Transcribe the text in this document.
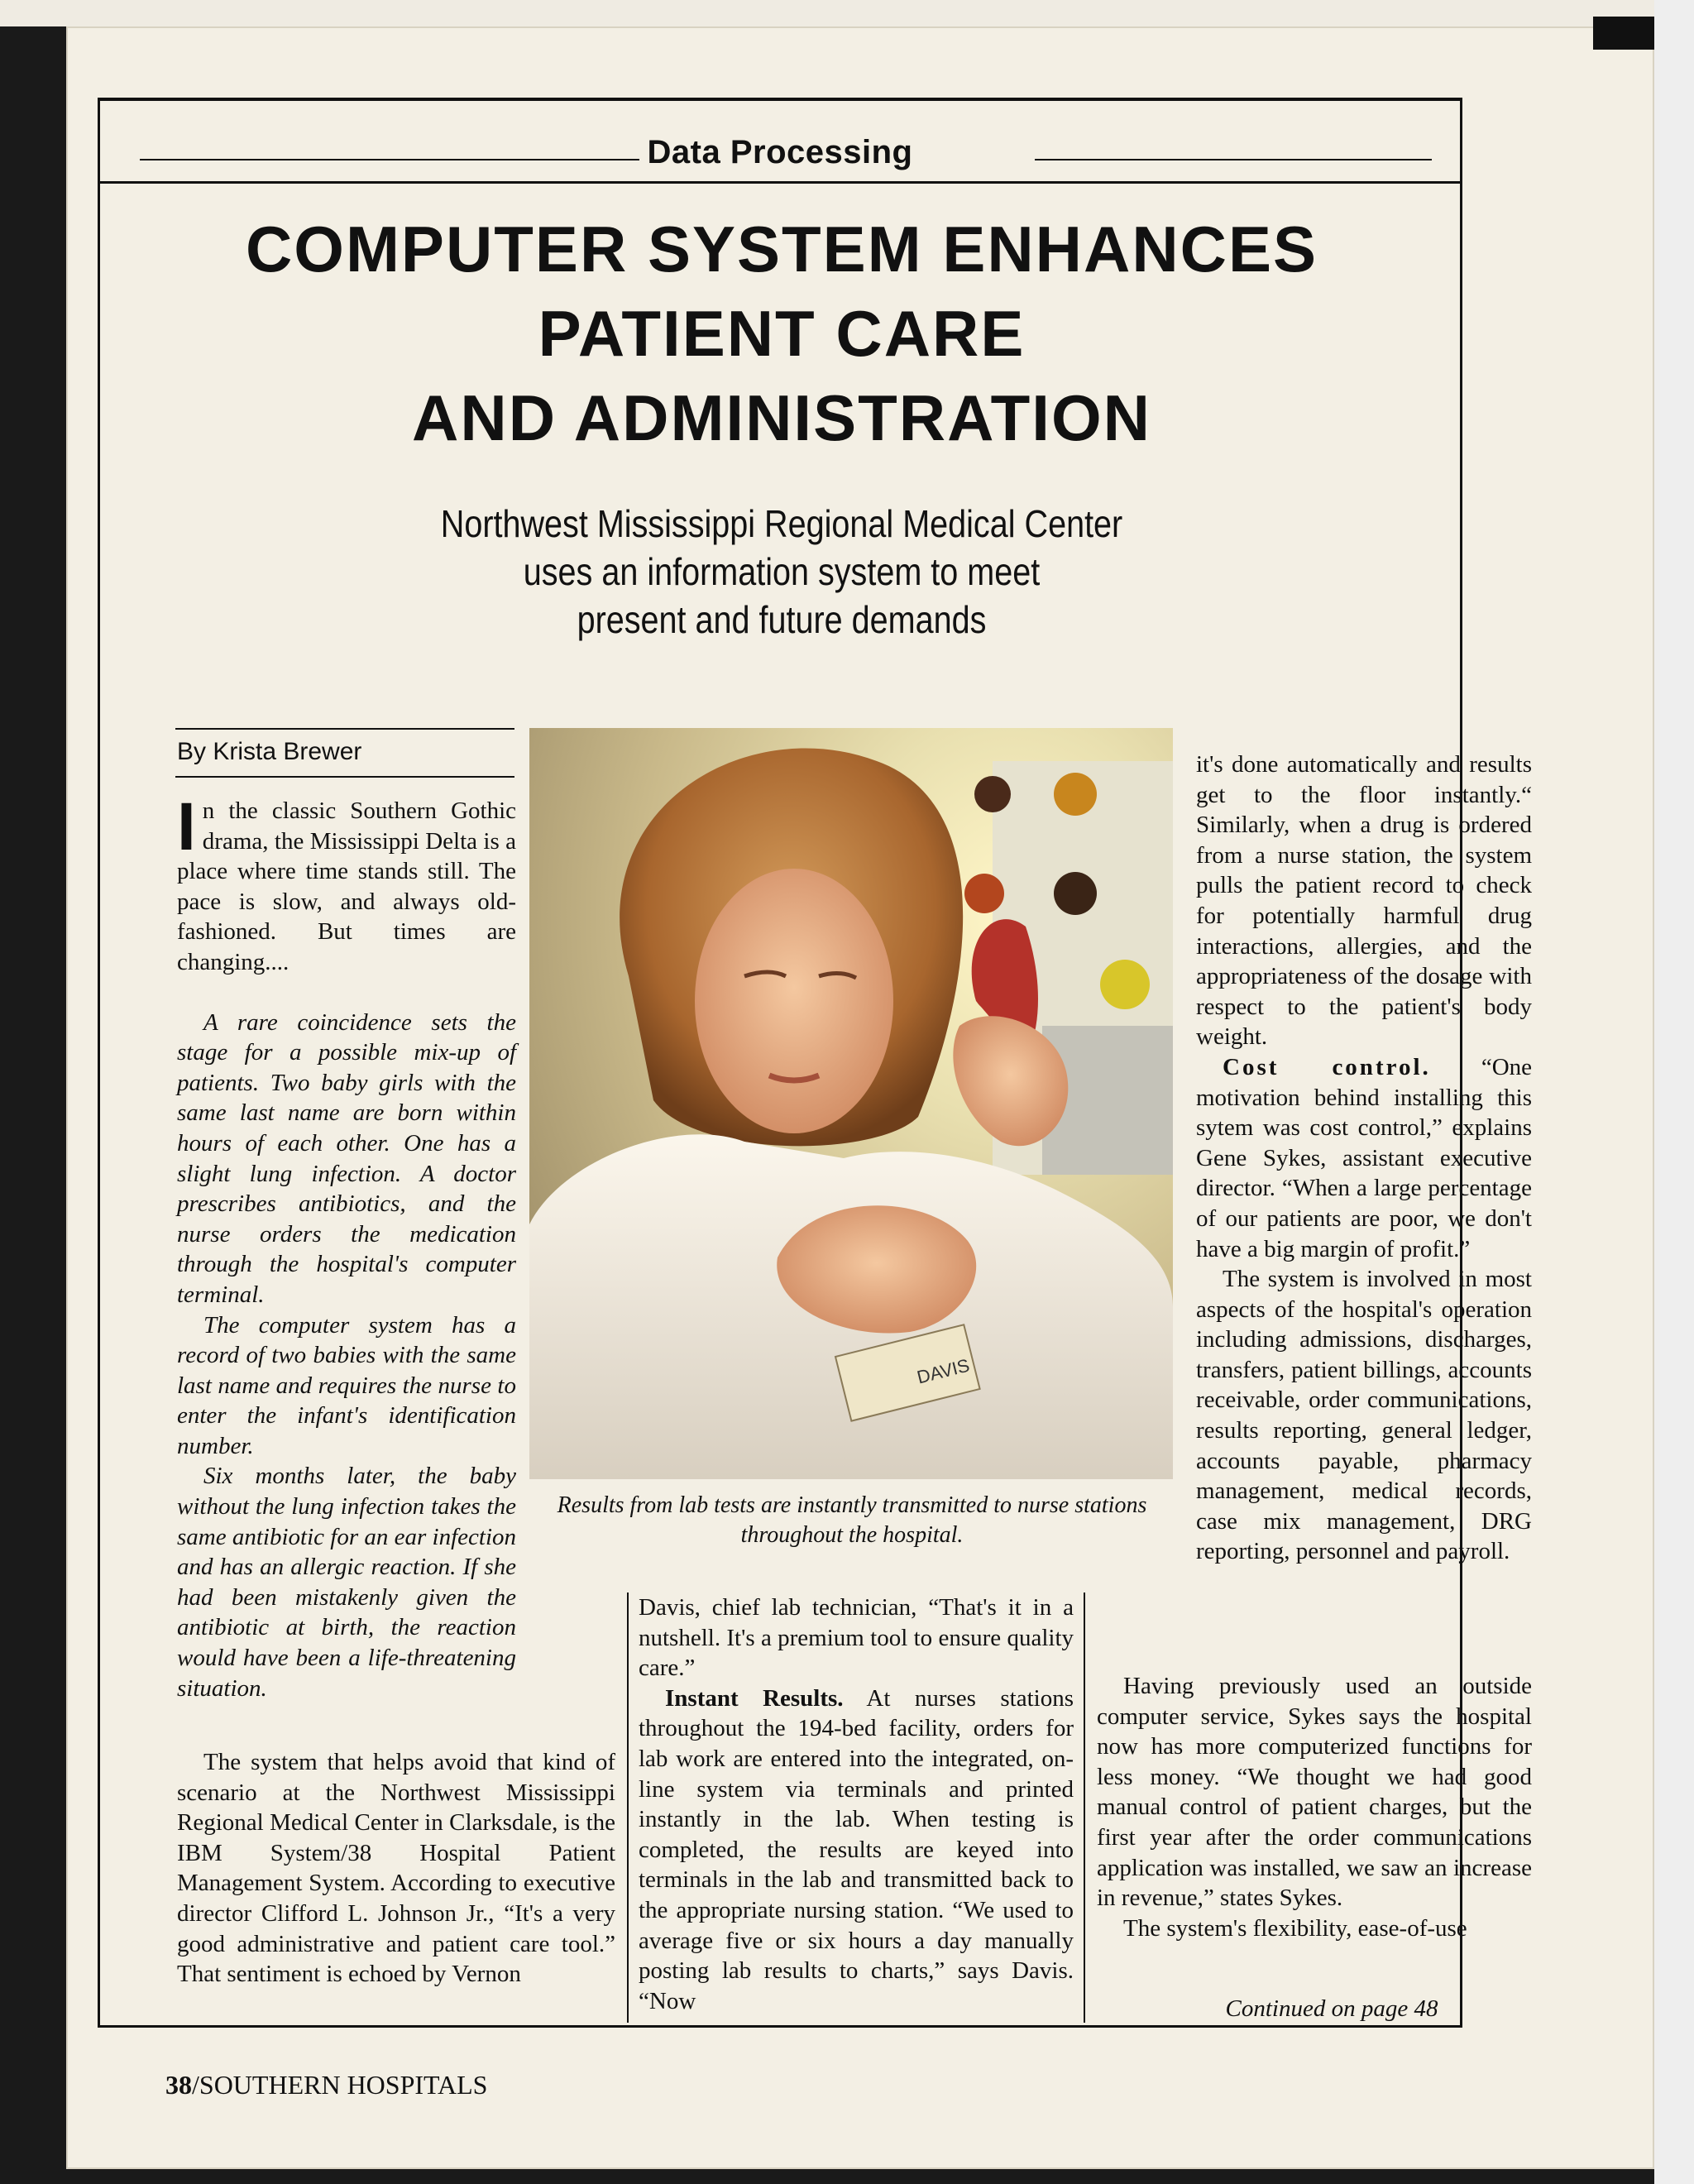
Data Processing
COMPUTER SYSTEM ENHANCES
PATIENT CARE
AND ADMINISTRATION
Northwest Mississippi Regional Medical Center
uses an information system to meet
present and future demands
By Krista Brewer

In the classic Southern Gothic drama, the Mississippi Delta is a place where time stands still. The pace is slow, and always old-fashioned. But times are changing....

A rare coincidence sets the stage for a possible mix-up of patients. Two baby girls with the same last name are born within hours of each other. One has a slight lung infection. A doctor prescribes antibiotics, and the nurse orders the medication through the hospital's computer terminal.

The computer system has a record of two babies with the same last name and requires the nurse to enter the infant's identification number.

Six months later, the baby without the lung infection takes the same antibiotic for an ear infection and has an allergic reaction. If she had been mistakenly given the antibiotic at birth, the reaction would have been a life-threatening situation.

The system that helps avoid that kind of scenario at the Northwest Mississippi Regional Medical Center in Clarksdale, is the IBM System/38 Hospital Patient Management System. According to executive director Clifford L. Johnson Jr., “It's a very good administrative and patient care tool.” That sentiment is echoed by Vernon

DAVIS
Results from lab tests are instantly transmitted to nurse stations throughout the hospital.

Davis, chief lab technician, “That's it in a nutshell. It's a premium tool to ensure quality care.”

Instant Results. At nurses stations throughout the 194-bed facility, orders for lab work are entered into the integrated, on-line system via terminals and printed instantly in the lab. When testing is completed, the results are keyed into terminals in the lab and transmitted back to the appropriate nursing station. “We used to average five or six hours a day manually posting lab results to charts,” says Davis. “Now

it's done automatically and results get to the floor instantly.“ Similarly, when a drug is ordered from a nurse station, the system pulls the patient record to check for potentially harmful drug interactions, allergies, and the appropriateness of the dosage with respect to the patient's body weight.

Cost control. “One motivation behind installing this sytem was cost control,” explains Gene Sykes, assistant executive director. “When a large percentage of our patients are poor, we don't have a big margin of profit.”

The system is involved in most aspects of the hospital's operation including admissions, discharges, transfers, patient billings, accounts receivable, order communications, results reporting, general ledger, accounts payable, pharmacy management, medical records, case mix management, DRG reporting, personnel and payroll.

Having previously used an outside computer service, Sykes says the hospital now has more computerized functions for less money. “We thought we had good manual control of patient charges, but the first year after the order communications application was installed, we saw an increase in revenue,” states Sykes.

The system's flexibility, ease-of-use

Continued on page 48
38/SOUTHERN HOSPITALS
